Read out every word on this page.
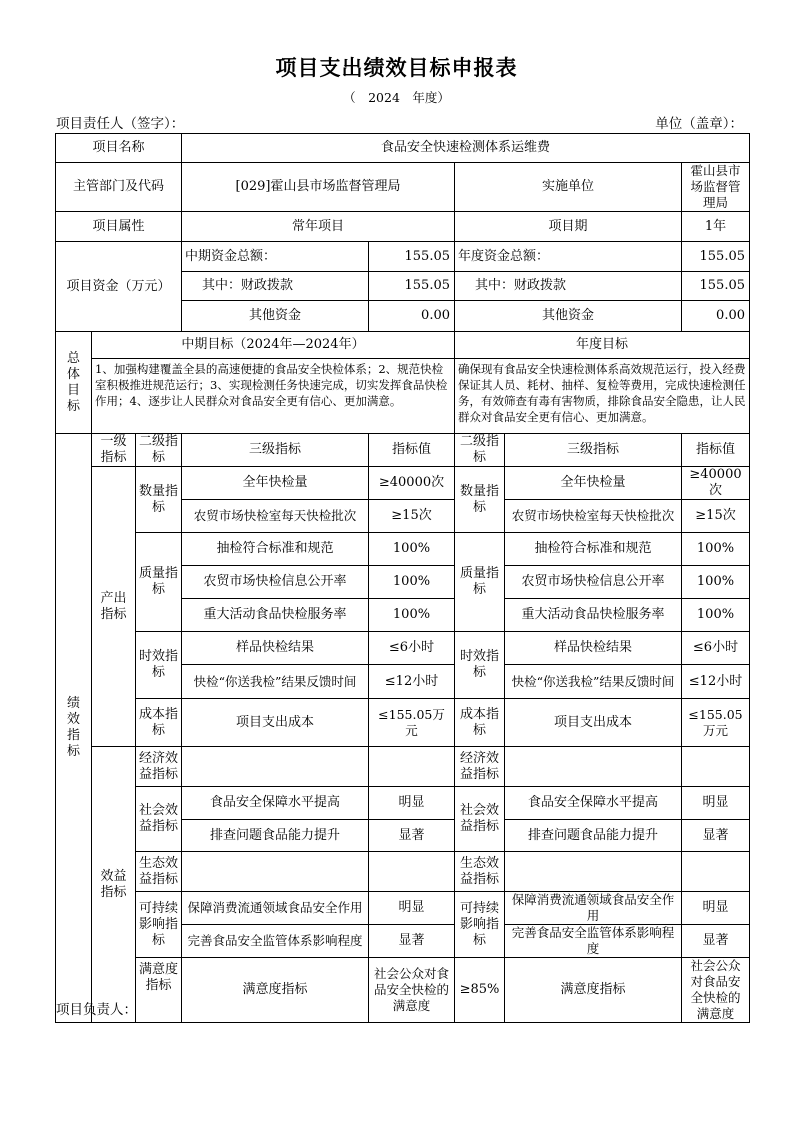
项目支出绩效目标申报表
（　2024　年度）
项目责任人（签字）：	单位（盖章）：
项目名称			食品安全快速检测体系运维费					
主管部门及代码			[029]霍山县市场监督管理局		实施单位		霍山县市场监督管理局	
项目属性			常年项目		项目期		1年	
项目资金（万元）			中期资金总额：	155.05	年度资金总额：		155.05	
			其中：财政拨款	155.05	其中：财政拨款		155.05	
			其他资金	0.00	其他资金		0.00	

总体目标	中期目标（2024年—2024年）				年度目标			
	1、加强构建覆盖全县的高速便捷的食品安全快检体系；2、规范快检室积极推进规范运行；3、实现检测任务快速完成，切实发挥食品快检作用；4、逐步让人民群众对食品安全更有信心、更加满意。				确保现有食品安全快速检测体系高效规范运行，投入经费保证其人员、耗材、抽样、复检等费用，完成快速检测任务，有效筛查有毒有害物质，排除食品安全隐患，让人民群众对食品安全更有信心、更加满意。			

绩效指标	一级指标	二级指标	三级指标	指标值	二级指标	三级指标	指标值	
	产出指标	数量指标	全年快检量	≥40000次	数量指标	全年快检量	≥40000次	
			农贸市场快检室每天快检批次	≥15次		农贸市场快检室每天快检批次	≥15次	
		质量指标	抽检符合标准和规范	100%	质量指标	抽检符合标准和规范	100%	
			农贸市场快检信息公开率	100%		农贸市场快检信息公开率	100%	
			重大活动食品快检服务率	100%		重大活动食品快检服务率	100%	
		时效指标	样品快检结果	≤6小时	时效指标	样品快检结果	≤6小时	
			快检“你送我检”结果反馈时间	≤12小时		快检“你送我检”结果反馈时间	≤12小时	
		成本指标	项目支出成本	≤155.05万元	成本指标	项目支出成本	≤155.05万元	
	效益指标	经济效益指标			经济效益指标			
		社会效益指标	食品安全保障水平提高	明显	社会效益指标	食品安全保障水平提高	明显	
			排查问题食品能力提升	显著		排查问题食品能力提升	显著	
		生态效益指标			生态效益指标			
		可持续影响指标	保障消费流通领域食品安全作用	明显	可持续影响指标	保障消费流通领域食品安全作用	明显	
			完善食品安全监管体系影响程度	显著		完善食品安全监管体系影响程度	显著	
		满意度指标	满意度指标	社会公众对食品安全快检的满意度	≥85%	满意度指标	社会公众对食品安全快检的满意度	
项目负责人：
